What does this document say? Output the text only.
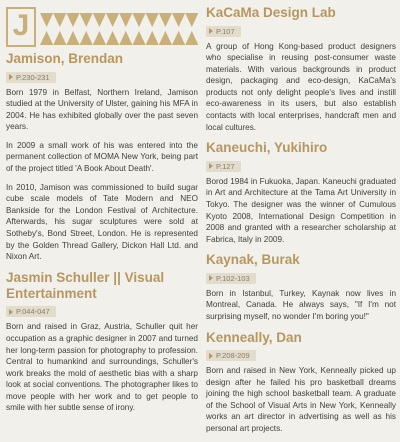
J
Jamison, Brendan
P.230-231

Born 1979 in Belfast, Northern Ireland, Jamison studied at the University of Ulster, gaining his MFA in 2004. He has exhibited globally over the past seven years.

In 2009 a small work of his was entered into the permanent collection of MOMA New York, being part of the project titled 'A Book About Death'.

In 2010, Jamison was commissioned to build sugar cube scale models of Tate Modern and NEO Bankside for the London Festival of Architecture. Afterwards, his sugar sculptures were sold at Sotheby's, Bond Street, London. He is represented by the Golden Thread Gallery, Dickon Hall Ltd. and Nixon Art.

Jasmin Schuller || Visual Entertainment
P.044-047

Born and raised in Graz, Austria, Schuller quit her occupation as a graphic designer in 2007 and turned her long-term passion for photography to profession. Central to humankind and surroundings, Schuller's work breaks the mold of aesthetic bias with a sharp look at social conventions. The photographer likes to move people with her work and to get people to smile with her subtle sense of irony.

KaCaMa Design Lab
P.107

A group of Hong Kong-based product designers who specialise in reusing post-consumer waste materials. With various backgrounds in product design, packaging and eco-design, KaCaMa's products not only delight people's lives and instill eco-awareness in its users, but also establish contacts with local enterprises, handcraft men and local cultures.

Kaneuchi, Yukihiro
P.127

Borod 1984 in Fukuoka, Japan. Kaneuchi graduated in Art and Architecture at the Tama Art University in Tokyo. The designer was the winner of Cumulous Kyoto 2008, International Design Competition in 2008 and granted with a researcher scholarship at Fabrica, Italy in 2009.

Kaynak, Burak
P.102-103

Born in Istanbul, Turkey, Kaynak now lives in Montreal, Canada. He always says, "If I'm not surprising myself, no wonder I'm boring you!"

Kenneally, Dan
P.208-209

Born and raised in New York, Kenneally picked up design after he failed his pro basketball dreams joining the high school basketball team. A graduate of the School of Visual Arts in New York, Kenneally works an art director in advertising as well as his personal art projects.
